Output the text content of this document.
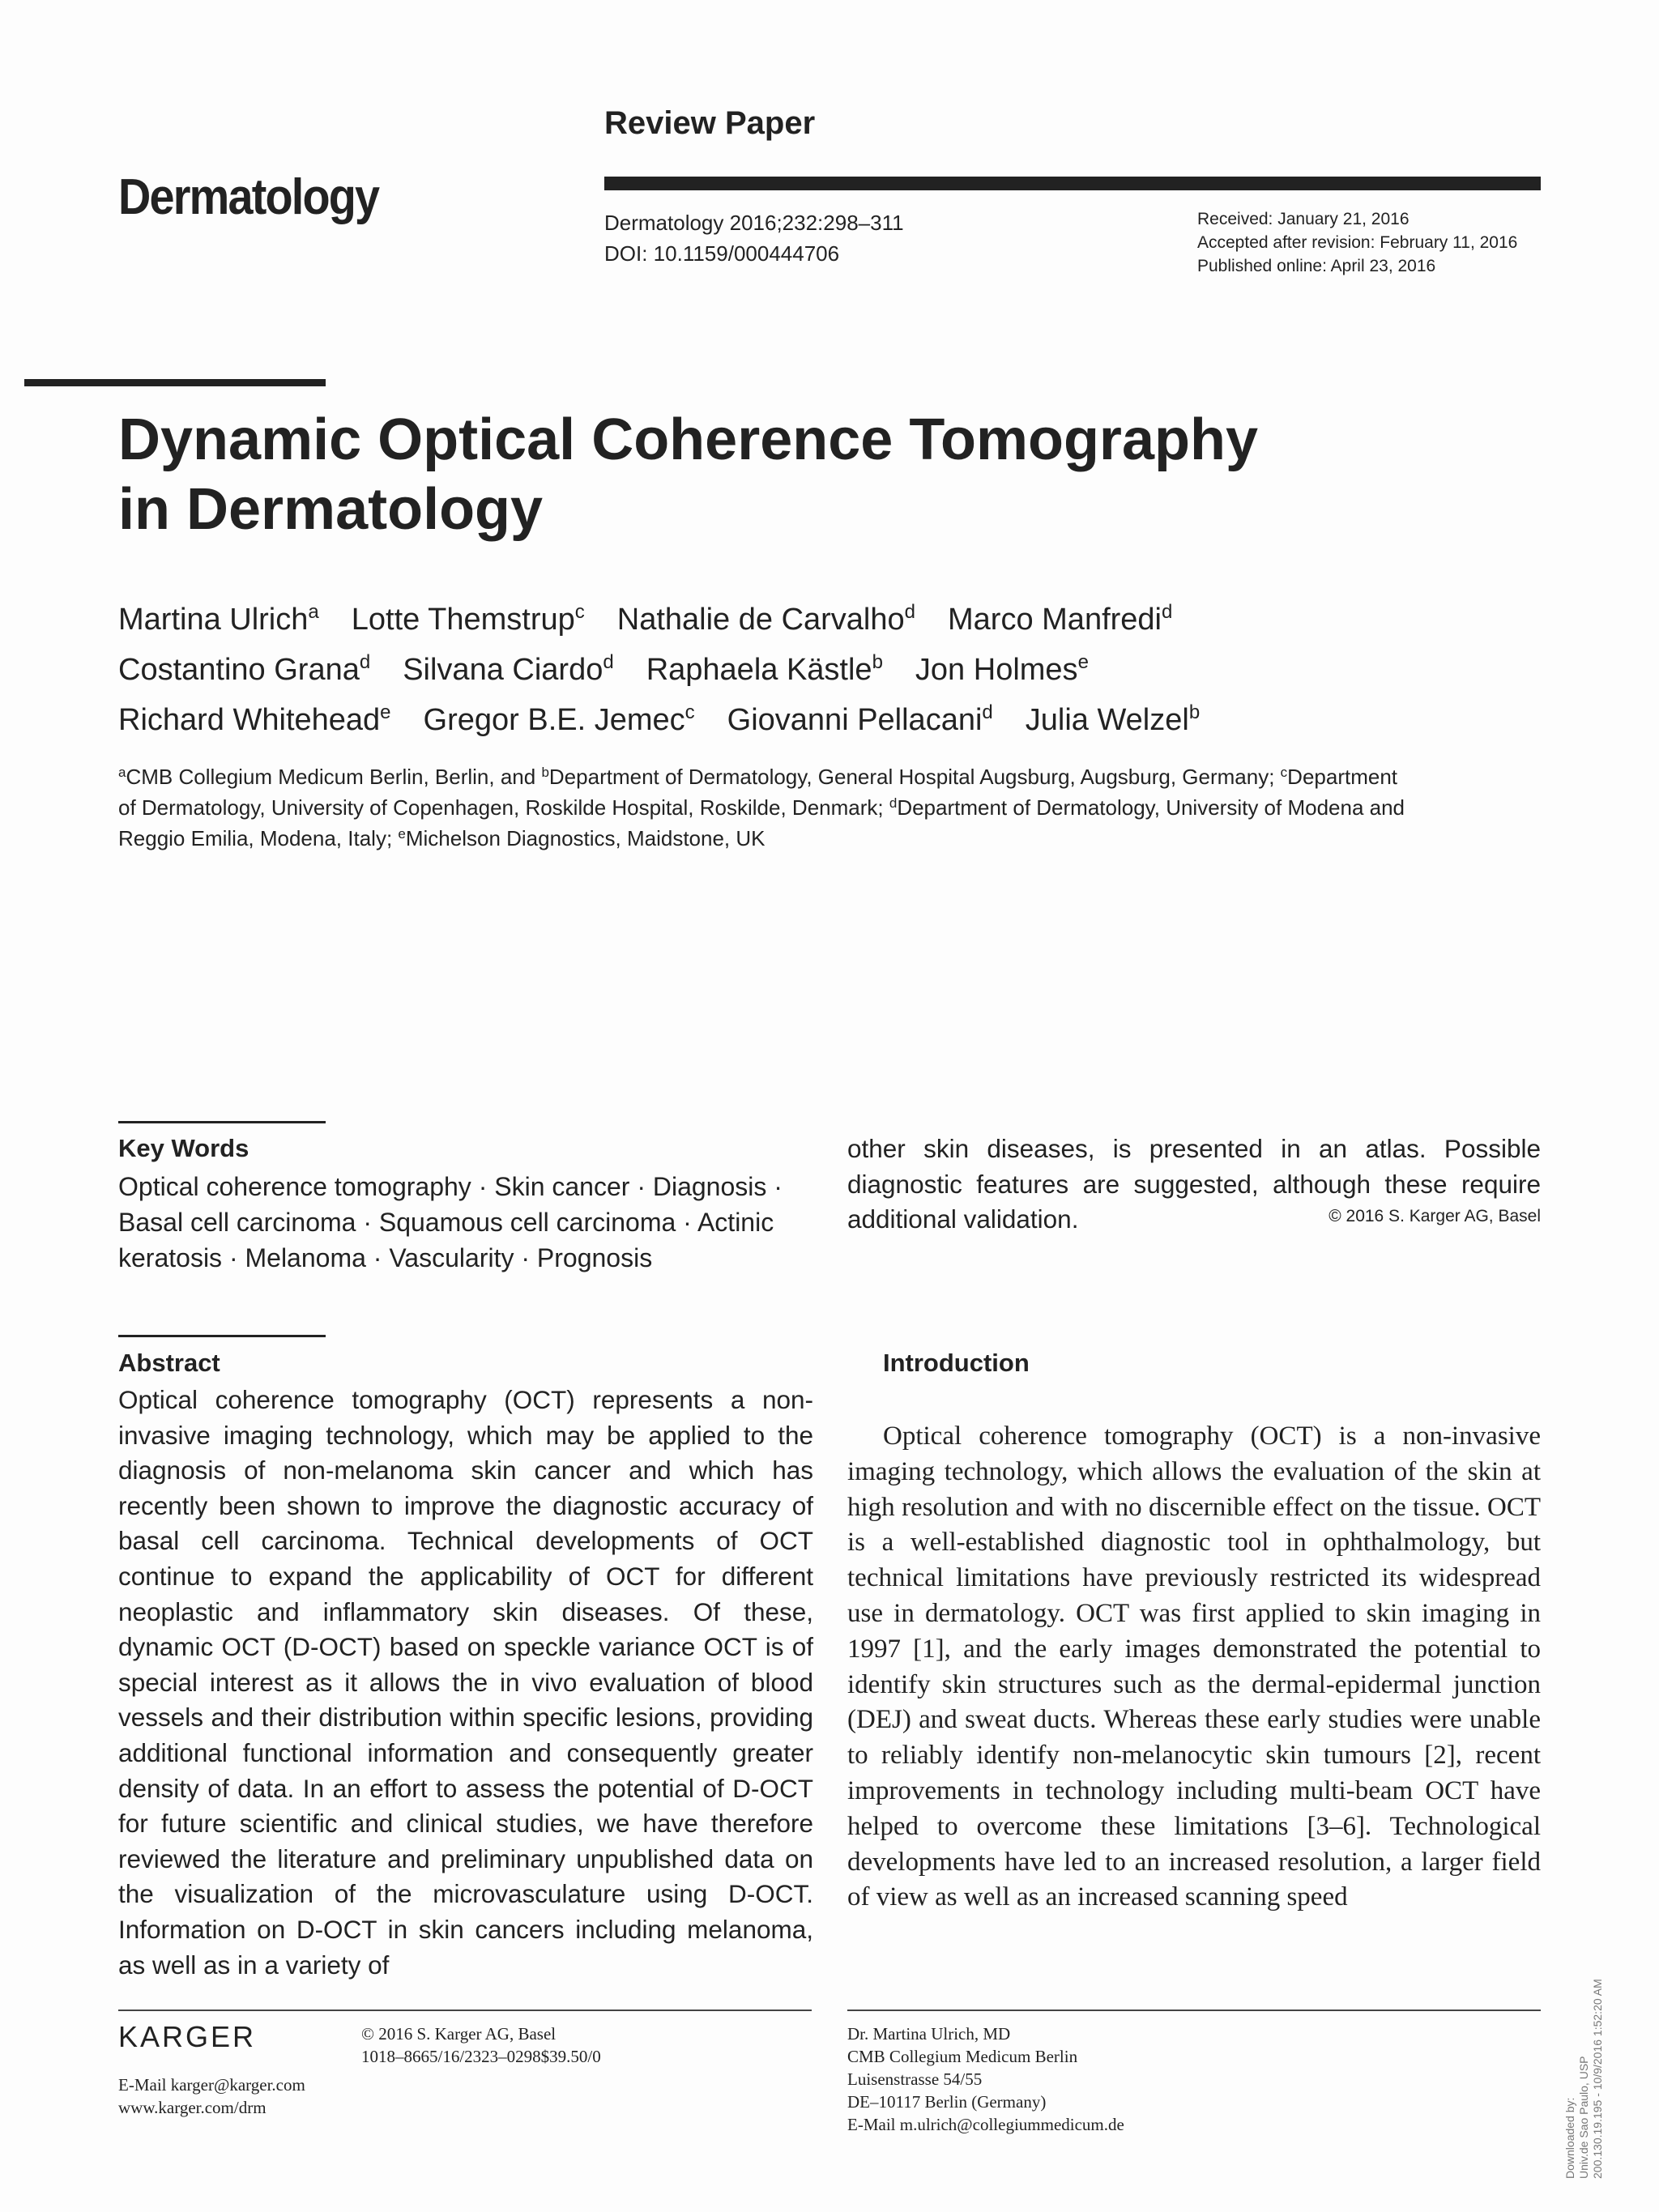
Review Paper
Dermatology	Dermatology 2016;232:298–311
DOI: 10.1159/000444706
Received: January 21, 2016
Accepted after revision: February 11, 2016
Published online: April 23, 2016
Dynamic Optical Coherence Tomography
in Dermatology
Martina Ulrich$^a$ Lotte Themstrup$^c$ Nathalie de Carvalho$^d$ Marco Manfredi$^d$
Costantino Grana$^d$ Silvana Ciardo$^d$ Raphaela Kästle$^b$ Jon Holmes$^e$
Richard Whitehead$^e$ Gregor B.E. Jemec$^c$ Giovanni Pellacani$^d$ Julia Welzel$^b$
$^a$CMB Collegium Medicum Berlin, Berlin, and $^b$Department of Dermatology, General Hospital Augsburg, Augsburg, Germany; $^c$Department of Dermatology, University of Copenhagen, Roskilde Hospital, Roskilde, Denmark; $^d$Department of Dermatology, University of Modena and Reggio Emilia, Modena, Italy; $^e$Michelson Diagnostics, Maidstone, UK
Key Words
Optical coherence tomography · Skin cancer · Diagnosis · Basal cell carcinoma · Squamous cell carcinoma · Actinic keratosis · Melanoma · Vascularity · Prognosis
other skin diseases, is presented in an atlas. Possible diagnostic features are suggested, although these require additional validation.	© 2016 S. Karger AG, Basel
Abstract
Optical coherence tomography (OCT) represents a non-invasive imaging technology, which may be applied to the diagnosis of non-melanoma skin cancer and which has recently been shown to improve the diagnostic accuracy of basal cell carcinoma. Technical developments of OCT continue to expand the applicability of OCT for different neoplastic and inflammatory skin diseases. Of these, dynamic OCT (D-OCT) based on speckle variance OCT is of special interest as it allows the in vivo evaluation of blood vessels and their distribution within specific lesions, providing additional functional information and consequently greater density of data. In an effort to assess the potential of D-OCT for future scientific and clinical studies, we have therefore reviewed the literature and preliminary unpublished data on the visualization of the microvasculature using D-OCT. Information on D-OCT in skin cancers including melanoma, as well as in a variety of
Introduction
Optical coherence tomography (OCT) is a non-invasive imaging technology, which allows the evaluation of the skin at high resolution and with no discernible effect on the tissue. OCT is a well-established diagnostic tool in ophthalmology, but technical limitations have previously restricted its widespread use in dermatology. OCT was first applied to skin imaging in 1997 [1], and the early images demonstrated the potential to identify skin structures such as the dermal-epidermal junction (DEJ) and sweat ducts. Whereas these early studies were unable to reliably identify non-melanocytic skin tumours [2], recent improvements in technology including multi-beam OCT have helped to overcome these limitations [3–6]. Technological developments have led to an increased resolution, a larger field of view as well as an increased scanning speed
KARGER	© 2016 S. Karger AG, Basel
1018–8665/16/2323–0298$39.50/0
E-Mail karger@karger.com
www.karger.com/drm
Dr. Martina Ulrich, MD
CMB Collegium Medicum Berlin
Luisenstrasse 54/55
DE–10117 Berlin (Germany)
E-Mail m.ulrich@collegiummedicum.de	Downloaded by: Univ.de Sao Paulo, USP 200.130.19.195 - 10/9/2016 1:52:20 AM
